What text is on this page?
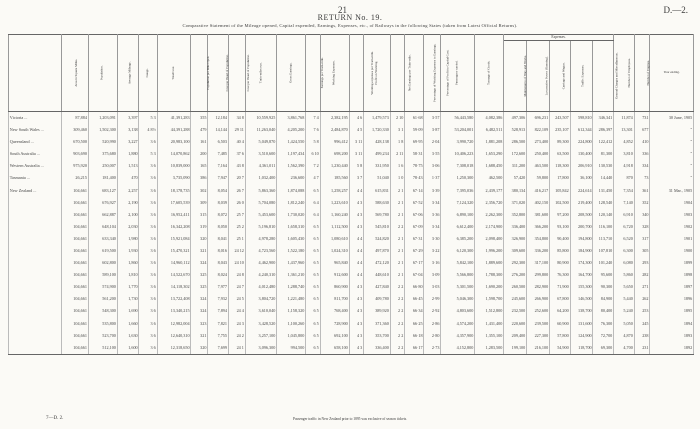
21	D.—2.
RETURN No. 19.
Comparative Statement of the Mileage opened, Capital expended, Earnings, Expenses, etc., of Railways in the following States (taken from Latest Official Returns).
	Area in Square Miles.	Population.	Average Mileage.	Gauge.	Total Cost.	Population per Mile Open.	Cost per Head of Population.	Cost per Head of Population.	Train-miles run.	Gross Earnings.	Earnings per Train-mile.	Working Expenses.	Working-expenses per Train-mile.	Profit on Working.	Net Earnings per Train-mile.	Percentage of Working Expenses to Earnings.	Percentage of Profit to Capital Cost.	Passengers carried.	Tonnage of Goods.	Expenses.					Number of Employees.	Number of Engines.	Year ending.
																				Maintenance of Way and Works.	Locomotive Power (Running).	Carriage and Wagon.	Traffic Expenses.	General Charges and Miscellaneous.			
Victoria ...	87,884	1,203,091	3,397	5 3	41,391,283	355	12,184	34 8	10,559,925	3,861,768	7 4	2,382,195	4 6	1,479,573	2 10	61·68	3·57	56,443,580	4,082,386	497,306	696,231	243,507	598,810	346,341	11,874	731	30 June, 1905
New South Wales ...	309,460	1,502,300	3,138	4 8½	44,391,288	479	14,144	29 11	11,263,040	4,205,200	7 6	2,484,870	4 5	1,720,330	3 1	59·09	3·87	53,204,001	6,482,511	528,913	822,109	235,107	612,344	286,397	13,301	677	"
Queensland ...	670,500	520,990	3,227	3 6	20,983,100	161	6,503	40 4	5,049,870	1,424,550	5 8	996,412	3 11	428,138	1 8	69·95	2·04	3,990,720	1,881,208	286,500	273,400	89,300	224,800	122,412	4,852	410	"
South Australia ...	903,690	375,680	1,880	5 3	14,070,862	200	7,485	37 6	3,510,600	1,197,434	6 10	698,200	3 11	499,234	2 11	58·31	3·55	10,406,223	1,653,290	172,600	250,400	63,500	130,400	81,300	3,810	336	"
Western Australia ...	975,920	250,007	1,513	3 6	10,839,000	165	7,164	43 8	4,361,011	1,562,390	7 2	1,230,440	5 8	331,950	1 6	78·75	3·06	7,308,018	1,688,450	311,200	463,500	118,300	206,910	130,530	4,918	334	"
Tasmania ...	26,215	181,400	470	3 6	3,735,090	386	7,947	20 7	1,032,400	236,600	4 7	185,560	3 7	51,040	1 0	78·43	1·37	1,250,300	462,500	57,420	59,800	17,800	36,100	14,440	870	73	"
New Zealand ...	104,661	683,127	2,257	3 6	18,178,735	302	8,054	26 7	5,863,360	1,874,088	6 5	1,258,257	4 4	615,831	2 1	67·14	3·39	7,395,036	2,439,177	380,134	416,217	105,842	224,614	131,450	7,354	361	31 Mar., 1905
	104,661	676,927	2,190	3 6	17,605,539	309	8,039	26 0	5,704,080	1,812,240	6 4	1,223,610	4 3	588,630	2 1	67·52	3·34	7,124,320	2,356,720	371,020	402,150	102,500	219,400	128,540	7,140	352	1904
	104,661	662,887	2,100	3 6	16,952,411	315	8,072	25 7	5,453,600	1,730,020	6 4	1,160,240	4 3	569,780	2 1	67·06	3·36	6,890,100	2,262,300	352,800	381,600	97,200	208,500	120,140	6,910	340	1903
	104,661	648,104	2,030	3 6	16,342,208	319	8,050	25 2	5,196,810	1,658,310	6 5	1,112,500	4 3	545,810	2 2	67·09	3·34	6,612,400	2,174,900	336,400	366,200	93,100	200,700	116,100	6,720	328	1902
	104,661	633,340	1,980	3 6	15,921,084	320	8,041	25 1	4,978,280	1,605,430	6 5	1,080,610	4 4	524,820	2 1	67·31	3·30	6,385,200	2,098,400	326,900	354,800	90,400	194,800	113,710	6,520	317	1901
	104,661	619,500	1,930	3 6	15,470,321	321	8,016	24 12	4,723,560	1,522,180	6 5	1,024,310	4 4	497,870	2 1	67·29	3·22	6,120,300	1,996,200	309,600	336,200	85,800	184,900	107,810	6,300	305	1900
	104,661	602,800	1,860	3 6	14,960,112	324	8,043	24 10	4,462,900	1,437,960	6 5	965,840	4 4	472,120	2 1	67·17	3·16	5,842,100	1,889,600	292,300	317,100	80,900	174,300	101,240	6,080	293	1899
	104,661	589,100	1,810	3 6	14,522,670	325	8,024	24 8	4,240,310	1,361,210	6 5	912,600	4 4	448,610	2 1	67·04	3·09	5,566,800	1,788,300	276,200	299,800	76,300	164,700	95,600	5,860	282	1898
	104,661	574,900	1,770	3 6	14,118,302	325	7,977	24 7	4,012,480	1,288,740	6 5	860,900	4 3	427,840	2 2	66·80	3·03	5,301,500	1,690,200	260,500	282,900	71,900	155,300	90,300	5,650	271	1897
	104,661	561,200	1,730	3 6	13,722,408	324	7,932	24 5	3,804,720	1,221,480	6 5	811,700	4 3	409,780	2 2	66·45	2·99	5,046,300	1,598,700	245,600	266,900	67,800	146,500	84,900	5,440	262	1896
	104,661	548,300	1,690	3 6	13,340,215	324	7,894	24 4	3,610,040	1,158,320	6 5	768,400	4 3	389,920	2 2	66·34	2·92	4,803,600	1,512,800	232,500	252,600	64,200	138,700	80,400	5,240	253	1895
	104,661	535,800	1,660	3 6	12,982,004	323	7,821	24 3	3,428,520	1,100,260	6 5	728,900	4 3	371,360	2 2	66·25	2·86	4,574,200	1,431,400	220,600	239,500	60,900	131,600	76,300	5,050	245	1894
	104,661	523,700	1,630	3 6	12,640,310	321	7,755	24 2	3,257,100	1,045,800	6 5	692,100	4 3	353,700	2 2	66·18	2·80	4,357,900	1,355,100	209,400	227,300	57,800	124,900	72,700	4,870	238	1893
	104,661	512,100	1,600	3 6	12,318,650	320	7,699	24 1	3,096,300	994,500	6 5	658,100	4 3	336,400	2 2	66·17	2·73	4,152,800	1,283,500	199,100	216,100	54,900	118,700	69,300	4,700	231	1892
7—D. 2.	Passenger traffic in New Zealand prior to 1895 was exclusive of season tickets.
